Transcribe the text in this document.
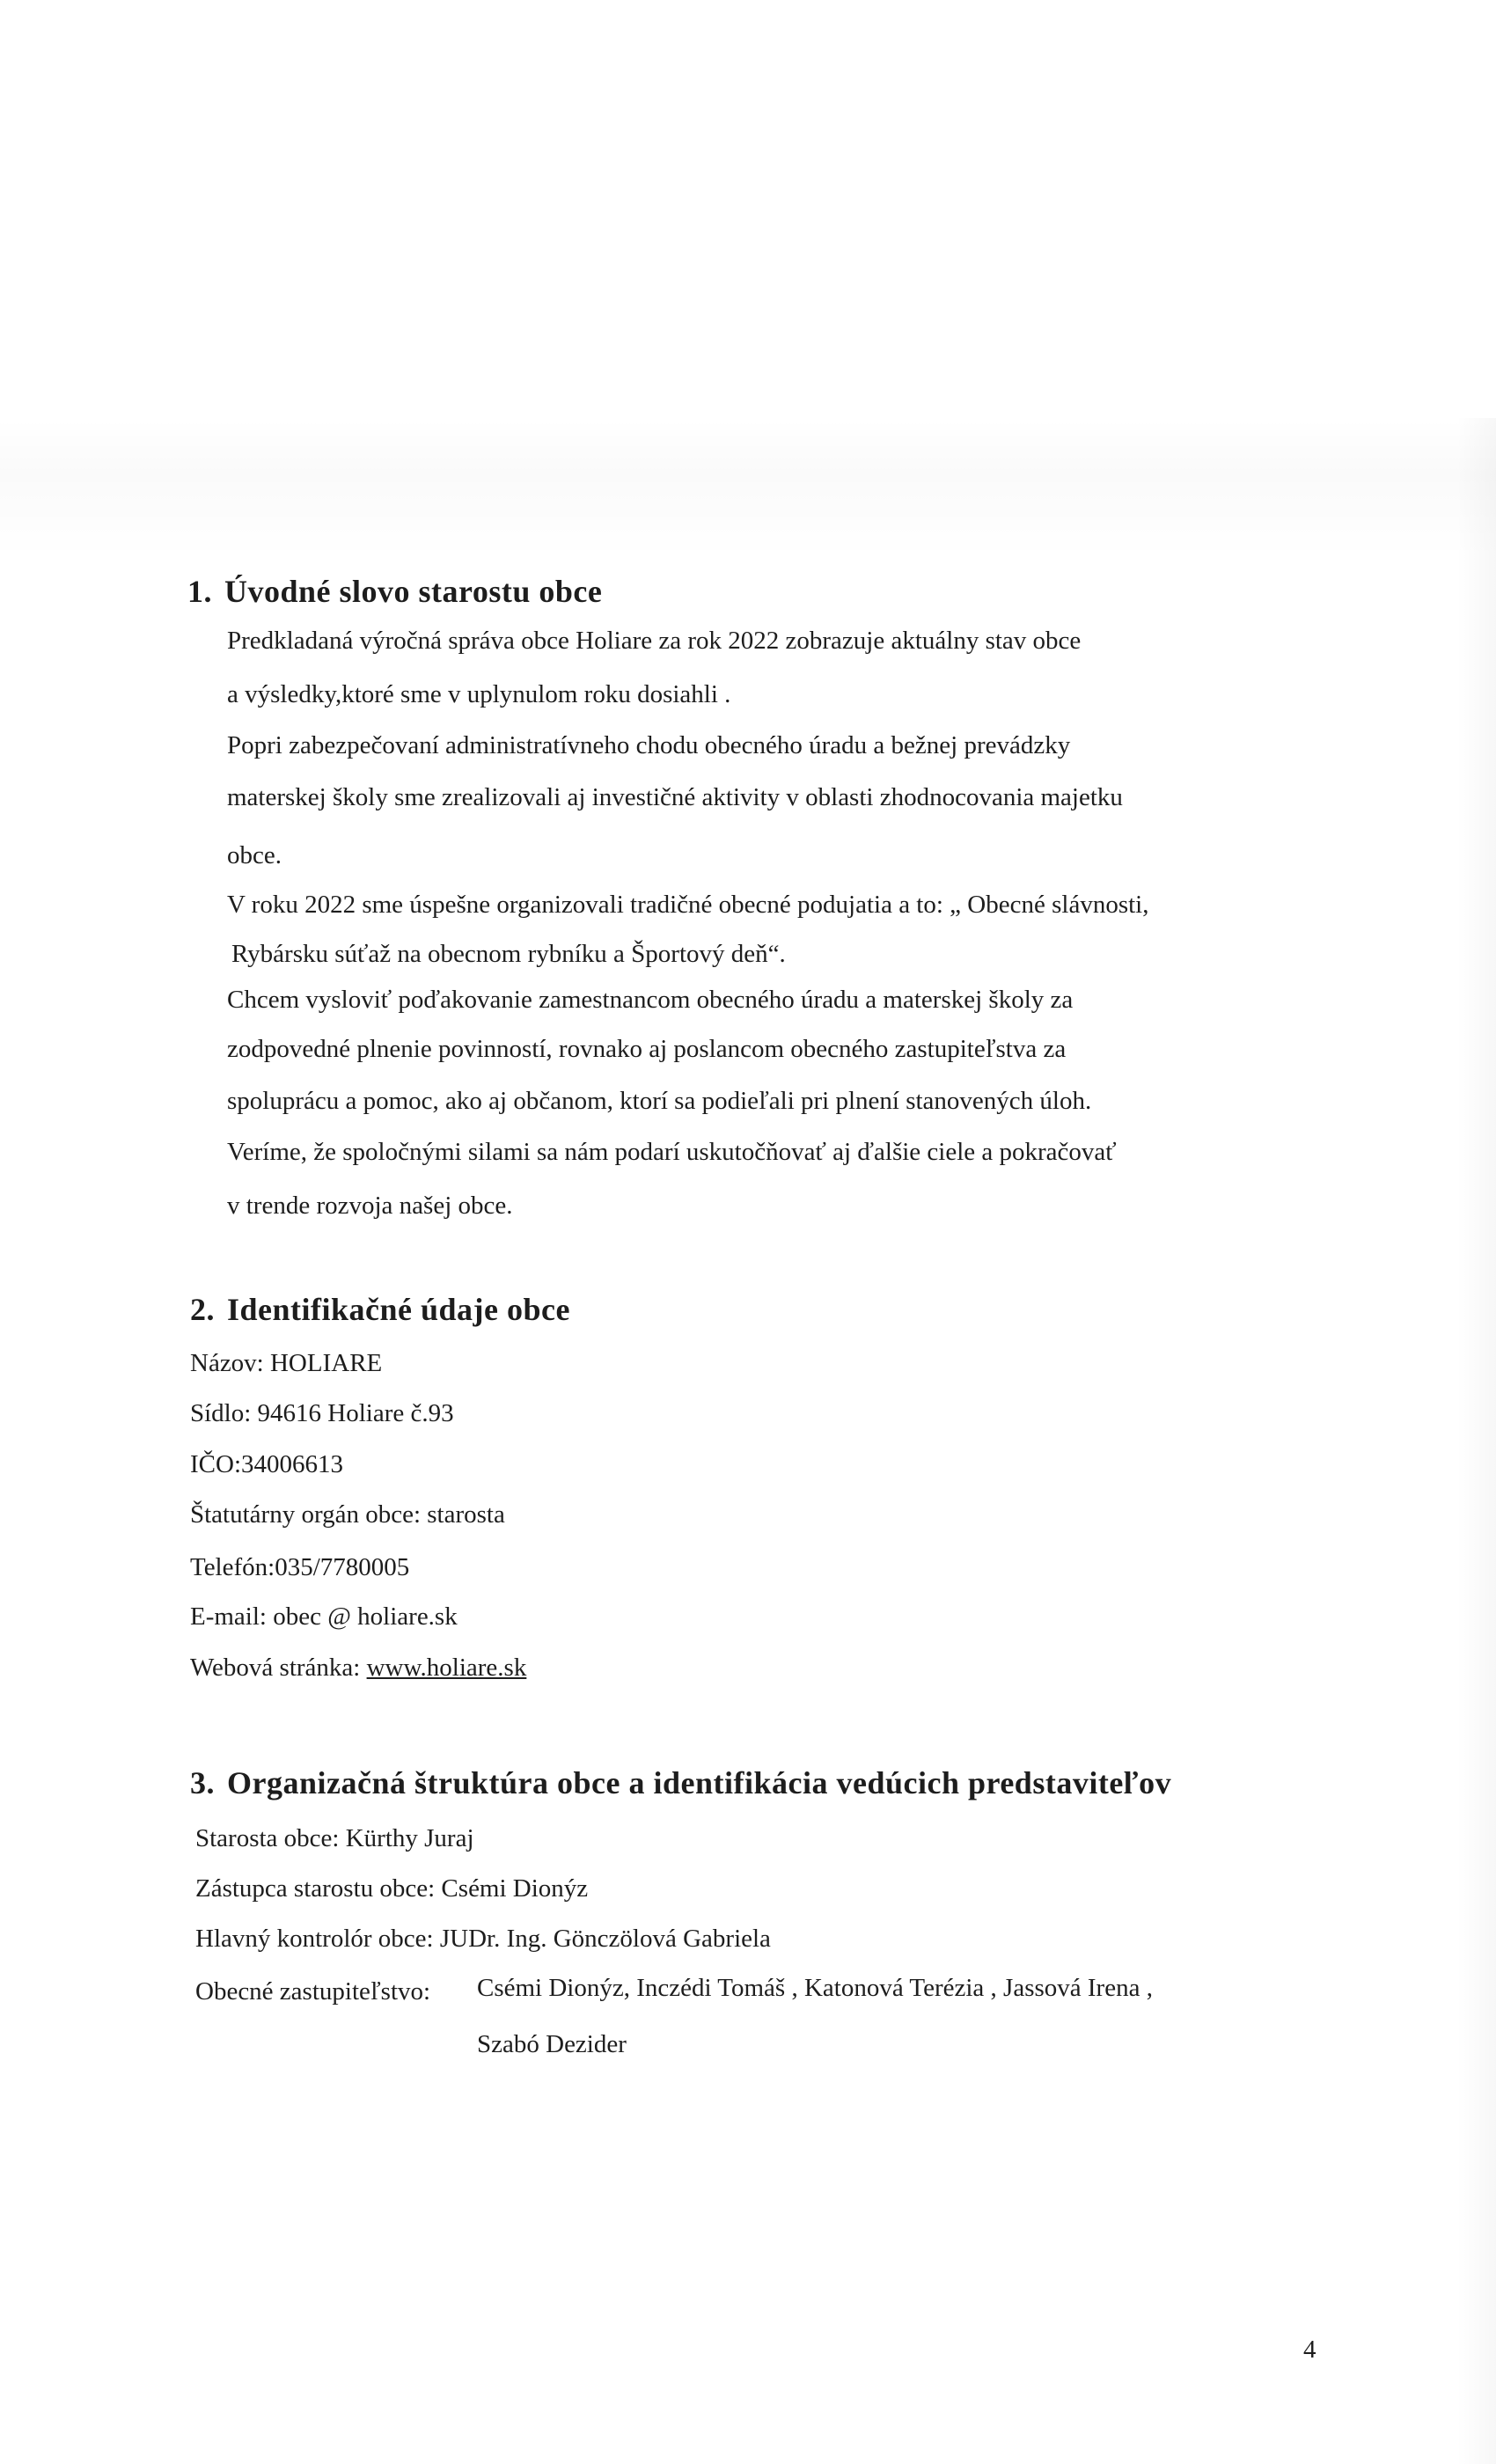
1. Úvodné slovo starostu obce
Predkladaná výročná správa obce Holiare za rok 2022 zobrazuje aktuálny stav obce
a výsledky,ktoré sme v uplynulom roku dosiahli .
Popri zabezpečovaní administratívneho chodu obecného úradu a bežnej prevádzky
materskej školy sme zrealizovali aj investičné aktivity v oblasti zhodnocovania majetku
obce.
V roku 2022 sme úspešne organizovali tradičné obecné podujatia a to: „ Obecné slávnosti,
Rybársku súťaž na obecnom rybníku a Športový deň“.
Chcem vysloviť poďakovanie zamestnancom obecného úradu a materskej školy za
zodpovedné plnenie povinností, rovnako aj poslancom obecného zastupiteľstva za
spoluprácu a pomoc, ako aj občanom, ktorí sa podieľali pri plnení stanovených úloh.
Veríme, že spoločnými silami sa nám podarí uskutočňovať aj ďalšie ciele a pokračovať
v trende rozvoja našej obce.
2. Identifikačné údaje obce
Názov: HOLIARE
Sídlo: 94616 Holiare č.93
IČO:34006613
Štatutárny orgán obce: starosta
Telefón:035/7780005
E-mail: obec @ holiare.sk
Webová stránka: www.holiare.sk
3. Organizačná štruktúra obce a identifikácia vedúcich predstaviteľov
Starosta obce: Kürthy Juraj
Zástupca starostu obce: Csémi Dionýz
Hlavný kontrolór obce: JUDr. Ing. Gönczölová Gabriela
Obecné zastupiteľstvo: Csémi Dionýz, Inczédi Tomáš , Katonová Terézia , Jassová Irena ,
Szabó Dezider
4
